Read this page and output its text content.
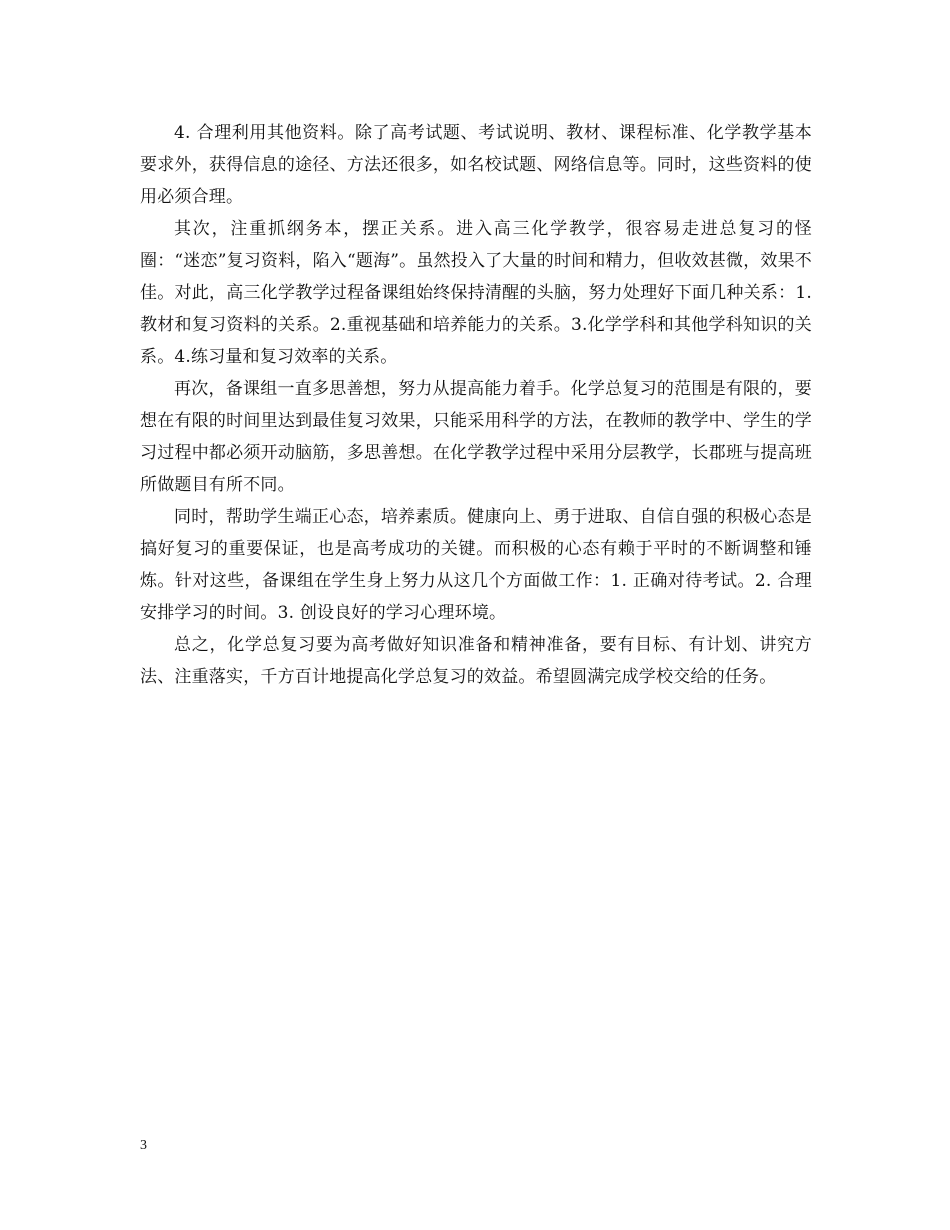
4. 合理利用其他资料。除了高考试题、考试说明、教材、课程标准、化学教学基本要求外，获得信息的途径、方法还很多，如名校试题、网络信息等。同时，这些资料的使用必须合理。

其次，注重抓纲务本，摆正关系。进入高三化学教学，很容易走进总复习的怪圈：“迷恋”复习资料，陷入“题海”。虽然投入了大量的时间和精力，但收效甚微，效果不佳。对此，高三化学教学过程备课组始终保持清醒的头脑，努力处理好下面几种关系：1.教材和复习资料的关系。2.重视基础和培养能力的关系。3.化学学科和其他学科知识的关系。4.练习量和复习效率的关系。

再次，备课组一直多思善想，努力从提高能力着手。化学总复习的范围是有限的，要想在有限的时间里达到最佳复习效果，只能采用科学的方法，在教师的教学中、学生的学习过程中都必须开动脑筋，多思善想。在化学教学过程中采用分层教学，长郡班与提高班所做题目有所不同。

同时，帮助学生端正心态，培养素质。健康向上、勇于进取、自信自强的积极心态是搞好复习的重要保证，也是高考成功的关键。而积极的心态有赖于平时的不断调整和锤炼。针对这些，备课组在学生身上努力从这几个方面做工作：1. 正确对待考试。2. 合理安排学习的时间。3. 创设良好的学习心理环境。

总之，化学总复习要为高考做好知识准备和精神准备，要有目标、有计划、讲究方法、注重落实，千方百计地提高化学总复习的效益。希望圆满完成学校交给的任务。

3
